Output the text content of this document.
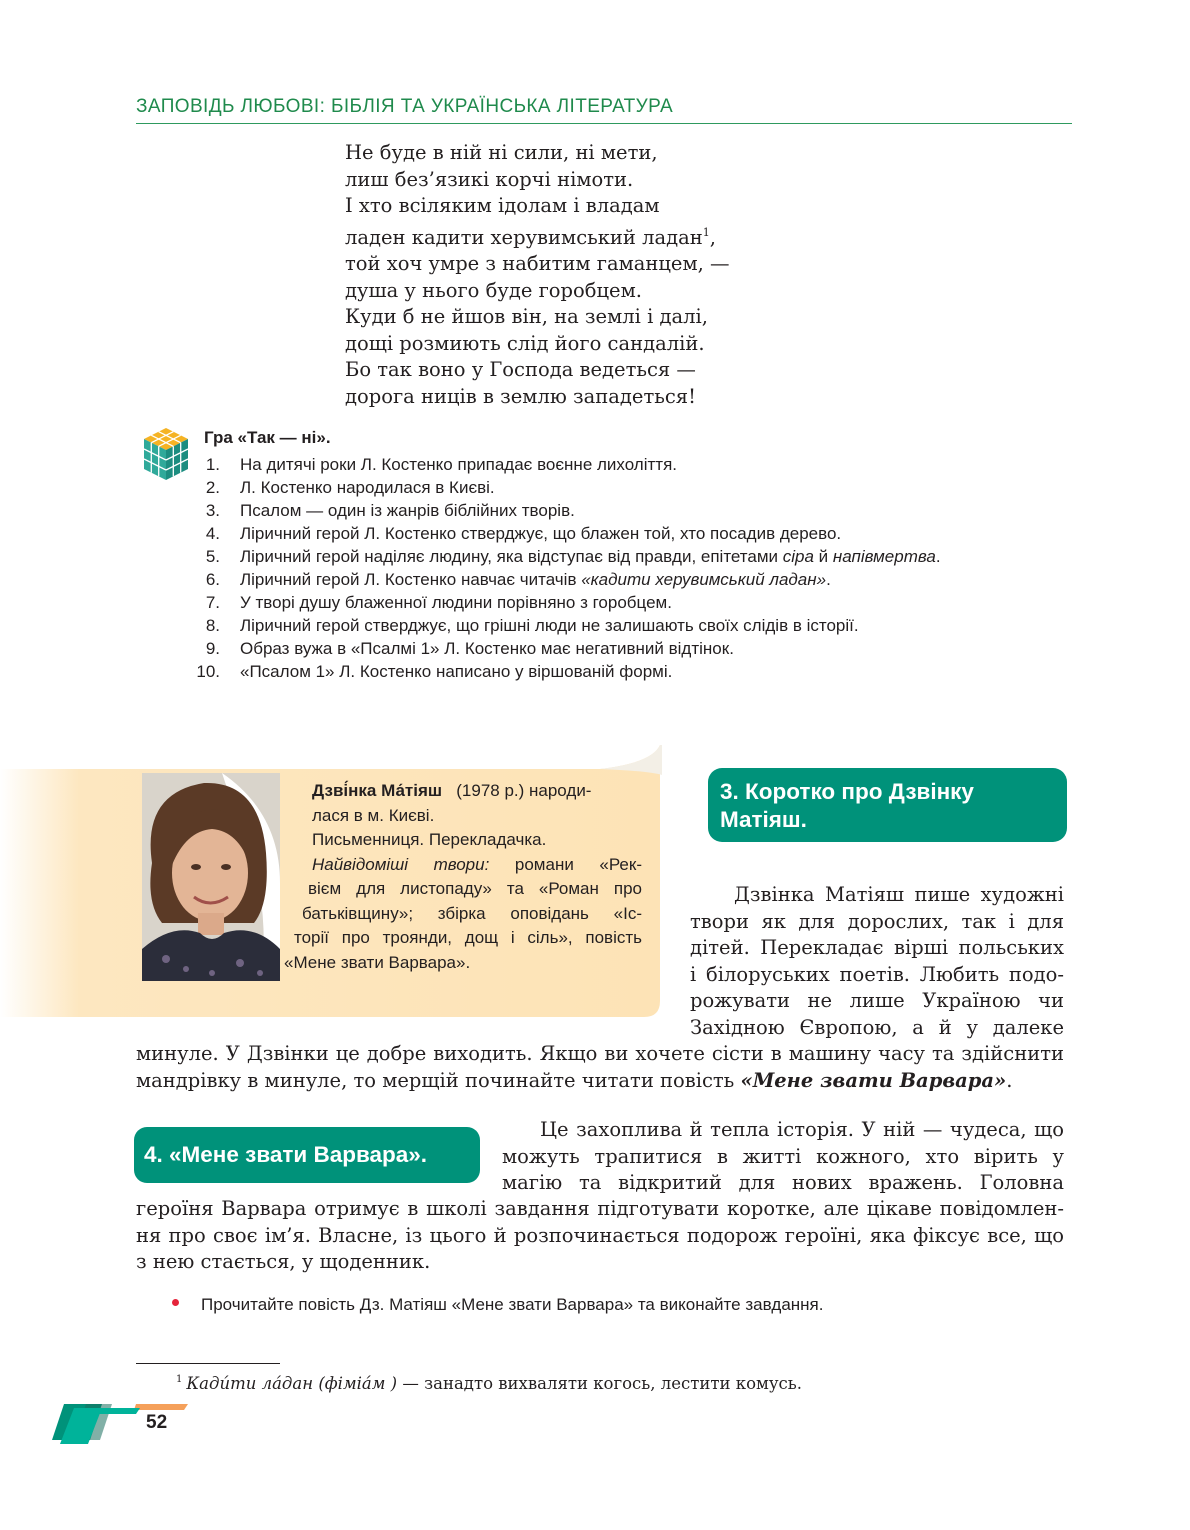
ЗАПОВІДЬ ЛЮБОВІ: БІБЛІЯ ТА УКРАЇНСЬКА ЛІТЕРАТУРА
Не буде в ній ні сили, ні мети,
лиш без’язикі корчі німоти.
І хто всіляким ідолам і владам
ладен кадити херувимський ладан$^1$,
той хоч умре з набитим гаманцем, —
душа у нього буде горобцем.
Куди б не йшов він, на землі і далі,
дощі розмиють слід його сандалій.
Бо так воно у Господа ведеться —
дорога ниців в землю западеться!
Гра «Так — ні».
1. На дитячі роки Л. Костенко припадає воєнне лихоліття.
2. Л. Костенко народилася в Києві.
3. Псалом — один із жанрів біблійних творів.
4. Ліричний герой Л. Костенко стверджує, що блажен той, хто посадив дерево.
5. Ліричний герой наділяє людину, яка відступає від правди, епітетами сіра й напівмертва.
6. Ліричний герой Л. Костенко навчає читачів «кадити херувимський ладан».
7. У творі душу блаженної людини порівняно з горобцем.
8. Ліричний герой стверджує, що грішні люди не залишають своїх слідів в історії.
9. Образ вужа в «Псалмі 1» Л. Костенко має негативний відтінок.
10. «Псалом 1» Л. Костенко написано у віршованій формі.
Дзві́нка Ма́тіяш (1978 р.) народи-
лася в м. Києві.
Письменниця. Перекладачка.
Найвідоміші твори: романи «Рек-
вієм для листопаду» та «Роман про
батьківщину»; збірка оповідань «Іс-
торії про троянди, дощ і сіль», повість
«Мене звати Варвара».
3. Коротко про Дзвінку
Матіяш.
Дзвінка Матіяш пише художні
твори як для дорослих, так і для
дітей. Перекладає вірші польських
і білоруських поетів. Любить подо-
рожувати не лише Україною чи
Західною Європою, а й у далеке
минуле. У Дзвінки це добре виходить. Якщо ви хочете сісти в машину часу та здійснити
мандрівку в минуле, то мерщій починайте читати повість «Мене звати Варвара».
4. «Мене звати Варвара».
Це захоплива й тепла історія. У ній — чудеса, що
можуть трапитися в житті кожного, хто вірить у
магію та відкритий для нових вражень. Головна
героїня Варвара отримує в школі завдання підготувати коротке, але цікаве повідомлен-
ня про своє ім’я. Власне, із цього й розпочинається подорож героїні, яка фіксує все, що
з нею стається, у щоденник.
Прочитайте повість Дз. Матіяш «Мене звати Варвара» та виконайте завдання.
$^1$ Кади́ти ла́дан (фіміа́м ) — занадто вихваляти когось, лестити комусь.
52
